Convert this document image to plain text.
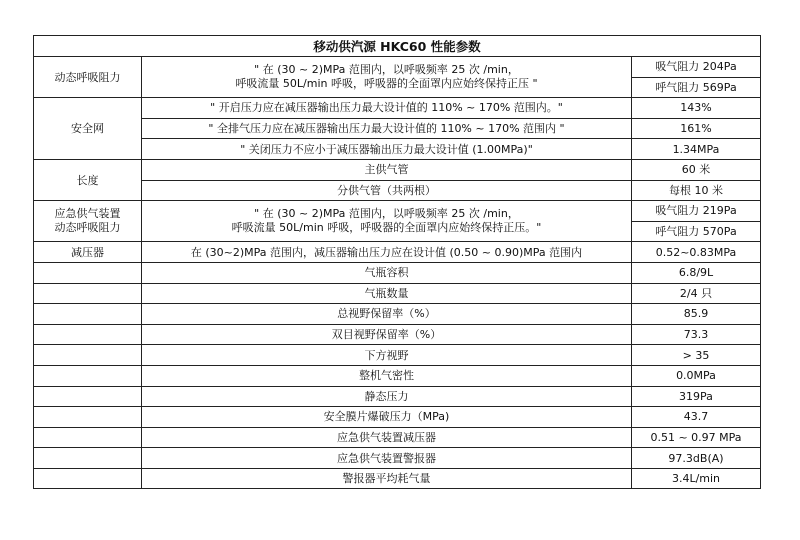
移动供汽源 HKC60 性能参数		
动态呼吸阻力	" 在 (30 ~ 2)MPa 范围内，以呼吸频率 25 次 /min，
呼吸流量 50L/min 呼吸，呼吸器的全面罩内应始终保持正压 "	吸气阻力 204Pa
		呼气阻力 569Pa
安全网	" 开启压力应在减压器输出压力最大设计值的 110% ~ 170% 范围内。"	143%
	" 全排气压力应在减压器输出压力最大设计值的 110% ~ 170% 范围内 "	161%
	" 关闭压力不应小于减压器输出压力最大设计值 (1.00MPa)"	1.34MPa
长度	主供气管	60 米
	分供气管（共两根）	每根 10 米
应急供气装置
动态呼吸阻力	" 在 (30 ~ 2)MPa 范围内，以呼吸频率 25 次 /min，
呼吸流量 50L/min 呼吸，呼吸器的全面罩内应始终保持正压。"	吸气阻力 219Pa
		呼气阻力 570Pa
减压器	在 (30~2)MPa 范围内，减压器输出压力应在设计值 (0.50 ~ 0.90)MPa 范围内	0.52~0.83MPa
	气瓶容积	6.8/9L
	气瓶数量	2/4 只
	总视野保留率（%）	85.9
	双目视野保留率（%）	73.3
	下方视野	> 35
	整机气密性	0.0MPa
	静态压力	319Pa
	安全膜片爆破压力（MPa)	43.7
	应急供气装置减压器	0.51 ~ 0.97 MPa
	应急供气装置警报器	97.3dB(A)
	警报器平均耗气量	3.4L/min
